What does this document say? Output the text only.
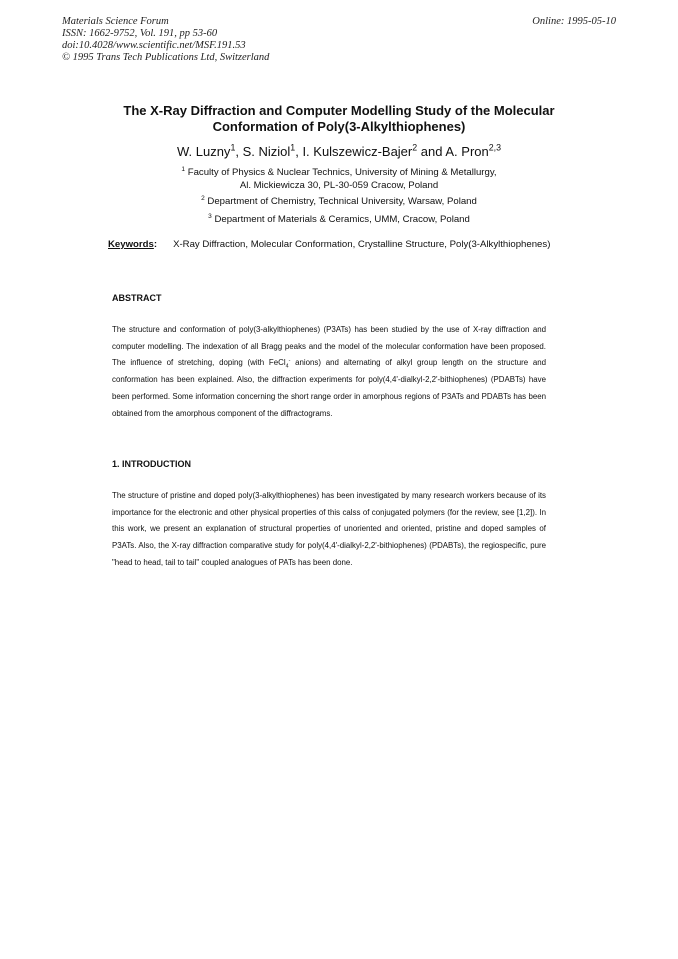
Materials Science Forum
ISSN: 1662-9752, Vol. 191, pp 53-60
doi:10.4028/www.scientific.net/MSF.191.53
© 1995 Trans Tech Publications Ltd, Switzerland
Online: 1995-05-10
The X-Ray Diffraction and Computer Modelling Study of the Molecular
Conformation of Poly(3-Alkylthiophenes)
W. Luzny$^1$, S. Niziol$^1$, I. Kulszewicz-Bajer$^2$ and A. Pron$^{2,3}$
$^1$ Faculty of Physics & Nuclear Technics, University of Mining & Metallurgy,
Al. Mickiewicza 30, PL-30-059 Cracow, Poland
$^2$ Department of Chemistry, Technical University, Warsaw, Poland
$^3$ Department of Materials & Ceramics, UMM, Cracow, Poland
Keywords: X-Ray Diffraction, Molecular Conformation, Crystalline Structure, Poly(3-Alkylthiophenes)
ABSTRACT
The structure and conformation of poly(3-alkylthiophenes) (P3ATs) has been studied by the use of X-ray diffraction and computer modelling. The indexation of all Bragg peaks and the model of the molecular conformation have been proposed. The influence of stretching, doping (with FeCl$_4$- anions) and alternating of alkyl group length on the structure and conformation has been explained. Also, the diffraction experiments for poly(4,4'-dialkyl-2,2'-bithiophenes) (PDABTs) have been performed. Some information concerning the short range order in amorphous regions of P3ATs and PDABTs has been obtained from the amorphous component of the diffractograms.
1. INTRODUCTION
The structure of pristine and doped poly(3-alkylthiophenes) has been investigated by many research workers because of its importance for the electronic and other physical properties of this calss of conjugated polymers (for the review, see [1,2]). In this work, we present an explanation of structural properties of unoriented and oriented, pristine and doped samples of P3ATs. Also, the X-ray diffraction comparative study for poly(4,4'-dialkyl-2,2'-bithiophenes) (PDABTs), the regiospecific, pure "head to head, tail to tail" coupled analogues of PATs has been done.
